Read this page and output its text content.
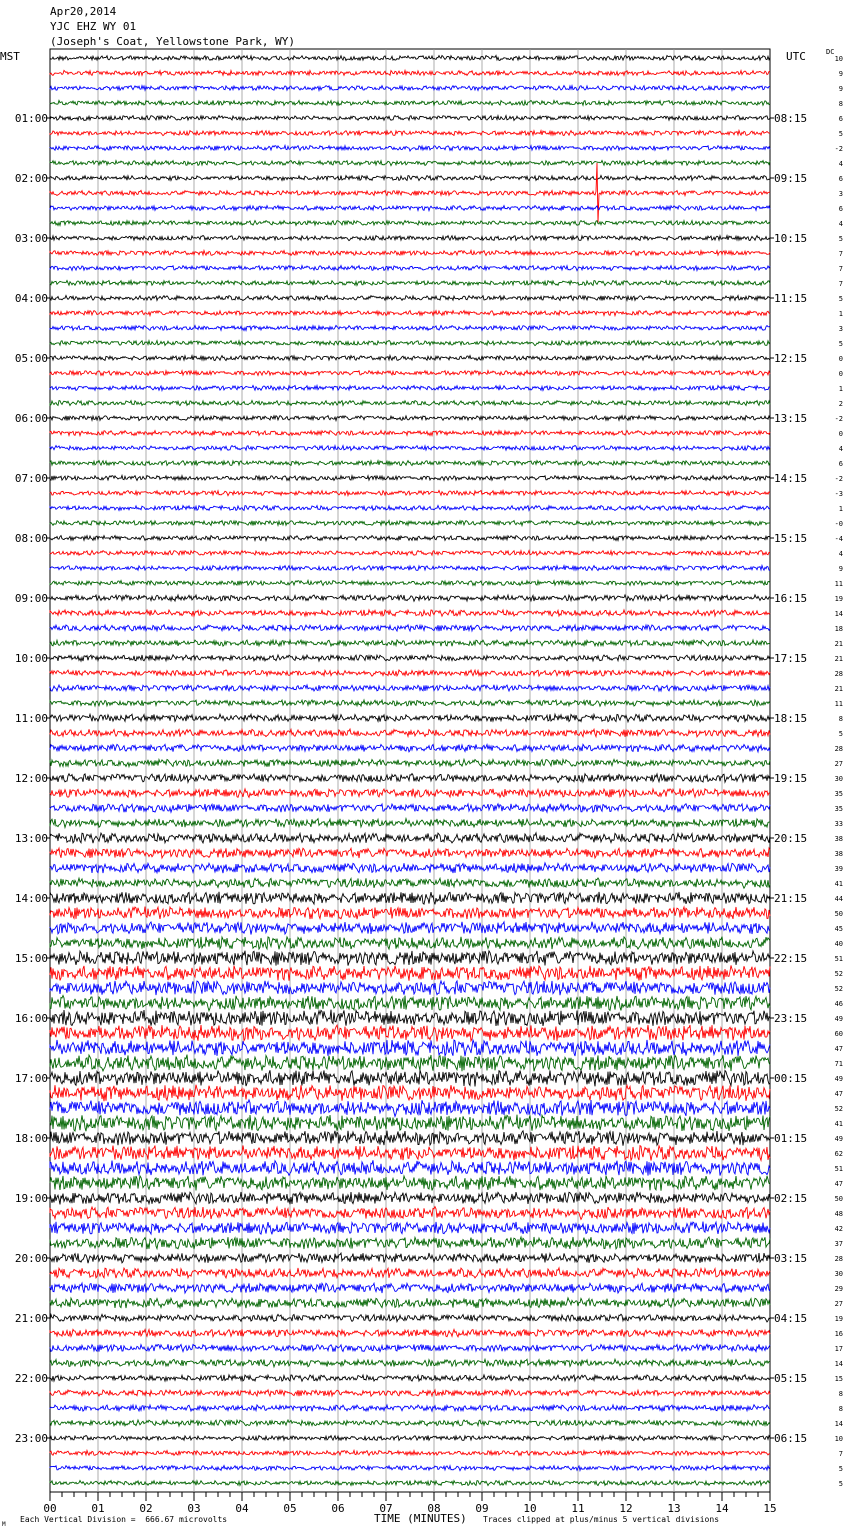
Apr20,2014
YJC EHZ WY 01
(Joseph's Coat, Yellowstone Park, WY)
MST	UTC	DC
10
9
9
8
6
5
-2
4
6
3
6
4
5
7
7
7
5
1
3
5
0
0
1
2
-2
0
4
6
-2
-3
1
-0
-4
4
9
11
19
14
18
21
21
28
21
11
8
5
28
27
30
35
35
33
38
38
39
41
44
50
45
40
51
52
52
46
49
60
47
71
49
47
52
41
49
62
51
47
50
48
42
37
28
30
29
27
19
16
17
14
15
8
8
14
10
7
5
5
01:00
02:00
03:00
04:00
05:00
06:00
07:00
08:00
09:00
10:00
11:00
12:00
13:00
14:00
15:00
16:00
17:00
18:00
19:00
20:00
21:00
22:00
23:00
08:15
09:15
10:15
11:15
12:15
13:15
14:15
15:15
16:15
17:15
18:15
19:15
20:15
21:15
22:15
23:15
00:15
01:15
02:15
03:15
04:15
05:15
06:15
00	01	02	03	04	05	06	07	08	09	10	11	12	13	14	15
Each Vertical Division =  666.67 microvolts	TIME (MINUTES) Traces clipped at plus/minus 5 vertical divisions
M
